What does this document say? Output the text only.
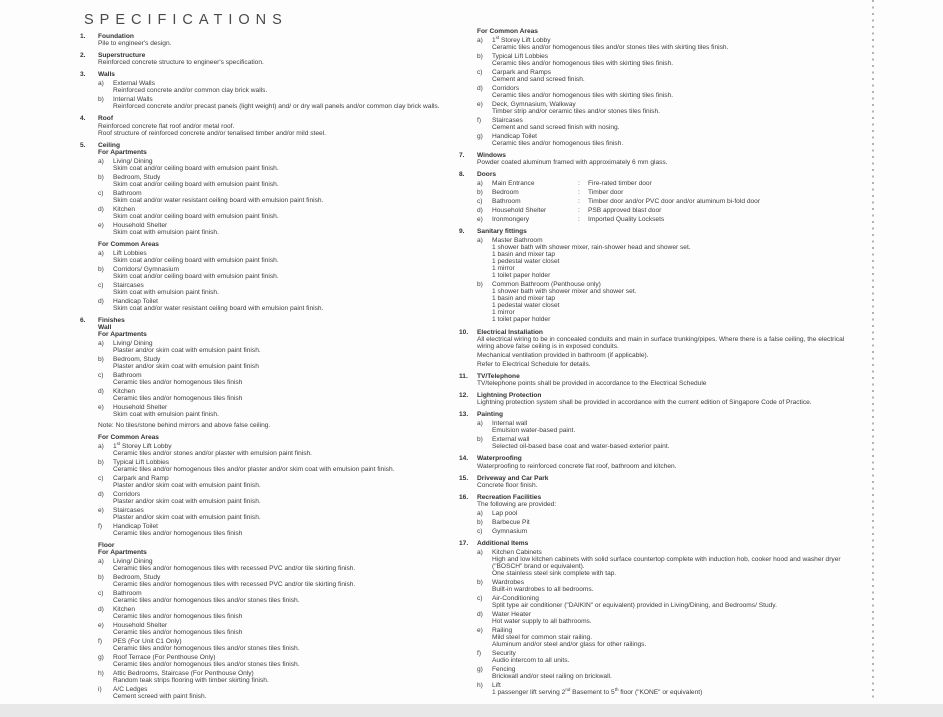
SPECIFICATIONS
1.	Foundation
Pile to engineer's design.
2.	Superstructure
Reinforced concrete structure to engineer's specification.
3.	Walls
a)	External Walls
Reinforced concrete and/or common clay brick walls.
b)	Internal Walls
Reinforced concrete and/or precast panels (light weight) and/ or dry wall panels and/or common clay brick walls.
4.	Roof
Reinforced concrete flat roof and/or metal roof.
Roof structure of reinforced concrete and/or tenalised timber and/or mild steel.
5.	Ceiling
For Apartments
a)	Living/ Dining
Skim coat and/or ceiling board with emulsion paint finish.
b)	Bedroom, Study
Skim coat and/or ceiling board with emulsion paint finish.
c)	Bathroom
Skim coat and/or water resistant ceiling board with emulsion paint finish.
d)	Kitchen
Skim coat and/or ceiling board with emulsion paint finish.
e)	Household Shelter
Skim coat with emulsion paint finish.
For Common Areas
a)	Lift Lobbies
Skim coat and/or ceiling board with emulsion paint finish.
b)	Corridors/ Gymnasium
Skim coat and/or ceiling board with emulsion paint finish.
c)	Staircases
Skim coat with emulsion paint finish.
d)	Handicap Toilet
Skim coat and/or water resistant ceiling board with emulsion paint finish.
6.	Finishes
Wall
For Apartments
a)	Living/ Dining
Plaster and/or skim coat with emulsion paint finish.
b)	Bedroom, Study
Plaster and/or skim coat with emulsion paint finish
c)	Bathroom
Ceramic tiles and/or homogenous tiles finish
d)	Kitchen
Ceramic tiles and/or homogenous tiles finish
e)	Household Shelter
Skim coat with emulsion paint finish.
Note: No tiles/stone behind mirrors and above false ceiling.
For Common Areas
a)	1st Storey Lift Lobby
Ceramic tiles and/or stones and/or plaster with emulsion paint finish.
b)	Typical Lift Lobbies
Ceramic tiles and/or homogenous tiles and/or plaster and/or skim coat with emulsion paint finish.
c)	Carpark and Ramp
Plaster and/or skim coat with emulsion paint finish.
d)	Corridors
Plaster and/or skim coat with emulsion paint finish.
e)	Staircases
Plaster and/or skim coat with emulsion paint finish.
f)	Handicap Toilet
Ceramic tiles and/or homogenous tiles finish
Floor
For Apartments
a)	Living/ Dining
Ceramic tiles and/or homogenous tiles with recessed PVC and/or tile skirting finish.
b)	Bedroom, Study
Ceramic tiles and/or homogenous tiles with recessed PVC and/or tile skirting finish.
c)	Bathroom
Ceramic tiles and/or homogenous tiles and/or stones tiles finish.
d)	Kitchen
Ceramic tiles and/or homogenous tiles finish
e)	Household Shelter
Ceramic tiles and/or homogenous tiles finish
f)	PES (For Unit C1 Only)
Ceramic tiles and/or homogenous tiles and/or stones tiles finish.
g)	Roof Terrace (For Penthouse Only)
Ceramic tiles and/or homogenous tiles and/or stones tiles finish.
h)	Attic Bedrooms, Staircase (For Penthouse Only)
Random teak strips flooring with timber skirting finish.
i)	A/C Ledges
Cement screed with paint finish.
For Common Areas
a)	1st Storey Lift Lobby
Ceramic tiles and/or homogenous tiles and/or stones tiles with skirting tiles finish.
b)	Typical Lift Lobbies
Ceramic tiles and/or homogenous tiles with skirting tiles finish.
c)	Carpark and Ramps
Cement and sand screed finish.
d)	Corridors
Ceramic tiles and/or homogenous tiles with skirting tiles finish.
e)	Deck, Gymnasium, Walkway
Timber strip and/or ceramic tiles and/or stones tiles finish.
f)	Staircases
Cement and sand screed finish with nosing.
g)	Handicap Toilet
Ceramic tiles and/or homogenous tiles finish.
7.	Windows
Powder coated aluminum framed with approximately 6 mm glass.
8.	Doors
a)	Main Entrance	:	Fire-rated timber door
b)	Bedroom	:	Timber door
c)	Bathroom	:	Timber door and/or PVC door and/or aluminum bi-fold door
d)	Household Shelter	:	PSB approved blast door
e)	Ironmongery	:	Imported Quality Locksets
9.	Sanitary fittings
a)	Master Bathroom
1 shower bath with shower mixer, rain-shower head and shower set.
1 basin and mixer tap
1 pedestal water closet
1 mirror
1 toilet paper holder
b)	Common Bathroom (Penthouse only)
1 shower bath with shower mixer and shower set.
1 basin and mixer tap
1 pedestal water closet
1 mirror
1 toilet paper holder
10.	Electrical Installation
All electrical wiring to be in concealed conduits and main in surface trunking/pipes. Where there is a false ceiling, the electrical wiring above false ceiling is in exposed conduits.
Mechanical ventilation provided in bathroom (if applicable).
Refer to Electrical Schedule for details.
11.	TV/Telephone
TV/telephone points shall be provided in accordance to the Electrical Schedule
12.	Lightning Protection
Lightning protection system shall be provided in accordance with the current edition of Singapore Code of Practice.
13.	Painting
a)	Internal wall
Emulsion water-based paint.
b)	External wall
Selected oil-based base coat and water-based exterior paint.
14.	Waterproofing
Waterproofing to reinforced concrete flat roof, bathroom and kitchen.
15.	Driveway and Car Park
Concrete floor finish.
16.	Recreation Facilities
The following are provided:
a)	Lap pool
b)	Barbecue Pit
c)	Gymnasium
17.	Additional Items
a)	Kitchen Cabinets
High and low kitchen cabinets with solid surface countertop complete with induction hob, cooker hood and washer dryer ("BOSCH" brand or equivalent).
One stainless steel sink complete with tap.
b)	Wardrobes
Built-in wardrobes to all bedrooms.
c)	Air-Conditioning
Split type air conditioner ("DAIKIN" or equivalent) provided in Living/Dining, and Bedrooms/ Study.
d)	Water Heater
Hot water supply to all bathrooms.
e)	Railing
Mild steel for common stair railing.
Aluminum and/or steel and/or glass for other railings.
f)	Security
Audio intercom to all units.
g)	Fencing
Brickwall and/or steel railing on brickwall.
h)	Lift
1 passenger lift serving 2nd Basement to 5th floor ("KONE" or equivalent)
